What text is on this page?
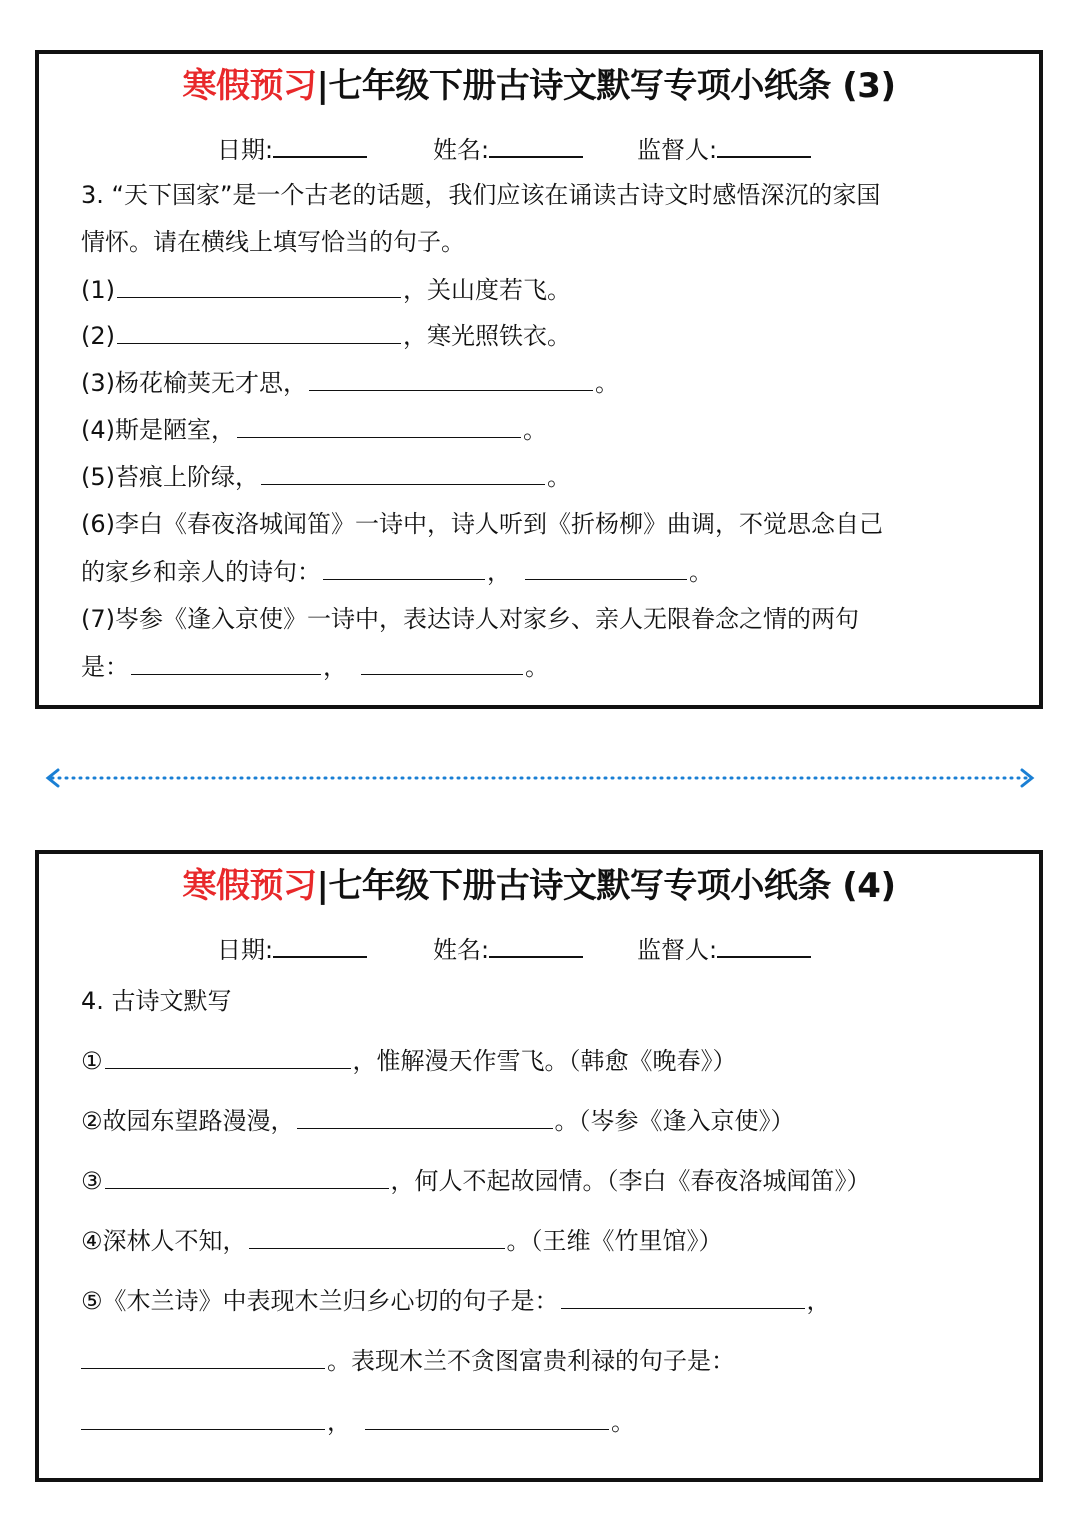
寒假预习|七年级下册古诗文默写专项小纸条 (3)
日期:	姓名:	监督人:
3. “天下国家”是一个古老的话题，我们应该在诵读古诗文时感悟深沉的家国
情怀。请在横线上填写恰当的句子。
(1)	，关山度若飞。
(2)	，寒光照铁衣。
(3)杨花榆荚无才思，	。
(4)斯是陋室，	。
(5)苔痕上阶绿，	。
(6)李白《春夜洛城闻笛》一诗中，诗人听到《折杨柳》曲调，不觉思念自己
的家乡和亲人的诗句：	，	。
(7)岑参《逢入京使》一诗中，表达诗人对家乡、亲人无限眷念之情的两句
是：	，	。
寒假预习|七年级下册古诗文默写专项小纸条 (4)
日期:	姓名:	监督人:
4. 古诗文默写
①	，惟解漫天作雪飞。（韩愈《晚春》）
②故园东望路漫漫，	。（岑参《逢入京使》）
③	，何人不起故园情。（李白《春夜洛城闻笛》）
④深林人不知，	。（王维《竹里馆》）
⑤《木兰诗》中表现木兰归乡心切的句子是：	，
。表现木兰不贪图富贵利禄的句子是：
，	。
